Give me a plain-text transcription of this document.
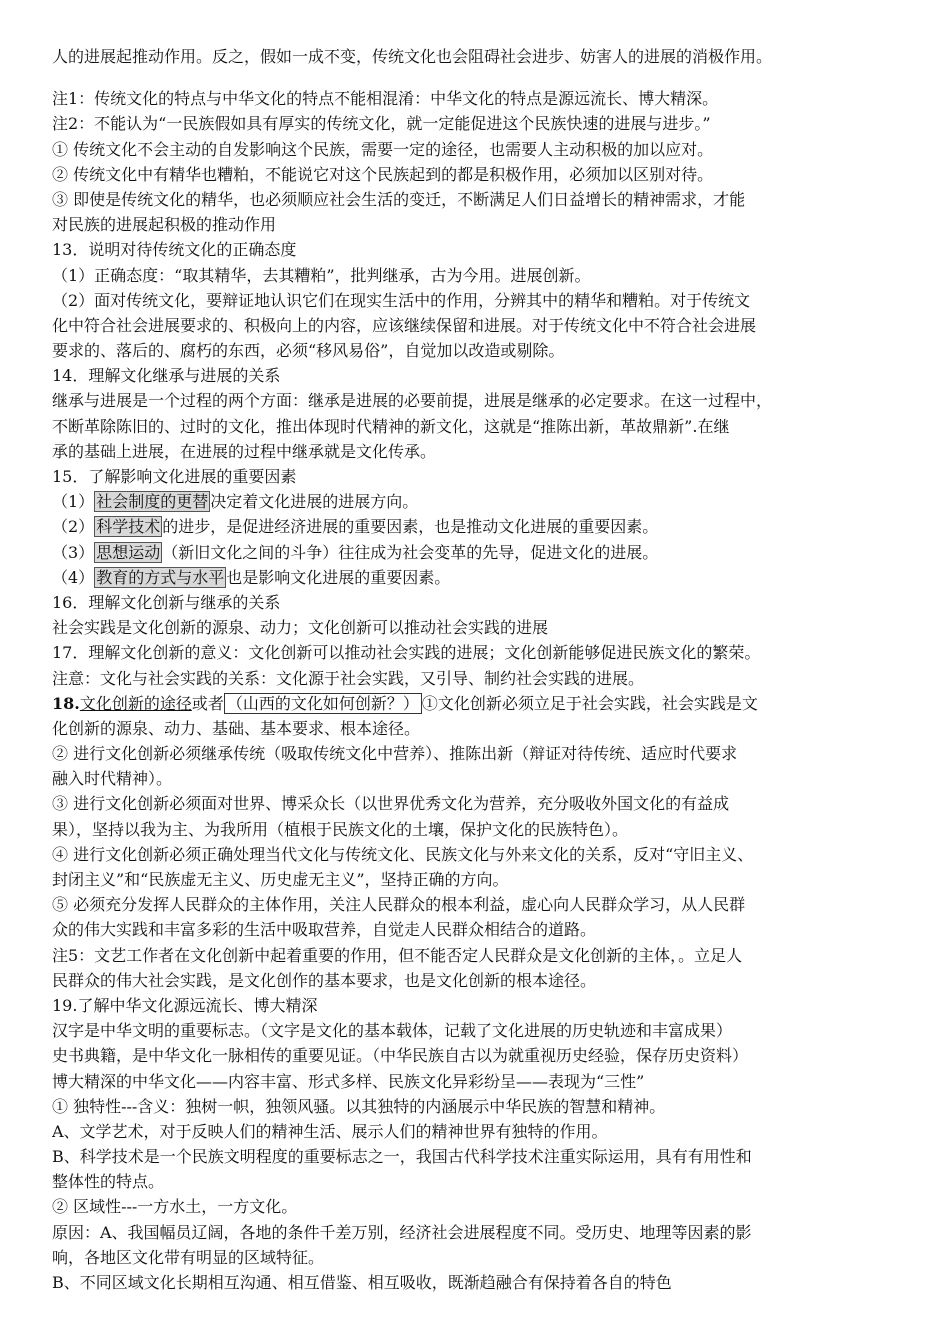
人的进展起推动作用。反之，假如一成不变，传统文化也会阻碍社会进步、妨害人的进展的消极作用。
注1：传统文化的特点与中华文化的特点不能相混淆：中华文化的特点是源远流长、博大精深。
注2：不能认为“一民族假如具有厚实的传统文化，就一定能促进这个民族快速的进展与进步。”
① 传统文化不会主动的自发影响这个民族，需要一定的途径，也需要人主动积极的加以应对。
② 传统文化中有精华也糟粕，不能说它对这个民族起到的都是积极作用，必须加以区别对待。
③ 即使是传统文化的精华，也必须顺应社会生活的变迁，不断满足人们日益增长的精神需求，才能
对民族的进展起积极的推动作用
13．说明对待传统文化的正确态度
（1）正确态度：“取其精华，去其糟粕”，批判继承，古为今用。进展创新。
（2）面对传统文化，要辩证地认识它们在现实生活中的作用，分辨其中的精华和糟粕。对于传统文
化中符合社会进展要求的、积极向上的内容，应该继续保留和进展。对于传统文化中不符合社会进展
要求的、落后的、腐朽的东西，必须“移风易俗”，自觉加以改造或剔除。
14．理解文化继承与进展的关系
继承与进展是一个过程的两个方面：继承是进展的必要前提，进展是继承的必定要求。在这一过程中，
不断革除陈旧的、过时的文化，推出体现时代精神的新文化，这就是“推陈出新，革故鼎新”.在继
承的基础上进展，在进展的过程中继承就是文化传承。
15．了解影响文化进展的重要因素
（1） 社会制度的更替 决定着文化进展的进展方向。
（2） 科学技术 的进步，是促进经济进展的重要因素，也是推动文化进展的重要因素。
（3） 思想运动 （新旧文化之间的斗争）往往成为社会变革的先导，促进文化的进展。
（4） 教育的方式与水平 也是影响文化进展的重要因素。
16．理解文化创新与继承的关系
社会实践是文化创新的源泉、动力；文化创新可以推动社会实践的进展
17．理解文化创新的意义：文化创新可以推动社会实践的进展；文化创新能够促进民族文化的繁荣。
注意：文化与社会实践的关系：文化源于社会实践，又引导、制约社会实践的进展。
18.文化创新的途径或者 （山西的文化如何创新？） ①文化创新必须立足于社会实践，社会实践是文
化创新的源泉、动力、基础、基本要求、根本途径。
② 进行文化创新必须继承传统（吸取传统文化中营养）、推陈出新（辩证对待传统、适应时代要求
融入时代精神）。
③ 进行文化创新必须面对世界、博采众长（以世界优秀文化为营养，充分吸收外国文化的有益成
果），坚持以我为主、为我所用（植根于民族文化的土壤，保护文化的民族特色）。
④ 进行文化创新必须正确处理当代文化与传统文化、民族文化与外来文化的关系，反对“守旧主义、
封闭主义”和“民族虚无主义、历史虚无主义”，坚持正确的方向。
⑤ 必须充分发挥人民群众的主体作用，关注人民群众的根本利益，虚心向人民群众学习，从人民群
众的伟大实践和丰富多彩的生活中吸取营养，自觉走人民群众相结合的道路。
注5：文艺工作者在文化创新中起着重要的作用，但不能否定人民群众是文化创新的主体，。立足人
民群众的伟大社会实践，是文化创作的基本要求，也是文化创新的根本途径。
19.了解中华文化源远流长、博大精深
汉字是中华文明的重要标志。（文字是文化的基本载体，记载了文化进展的历史轨迹和丰富成果）
史书典籍，是中华文化一脉相传的重要见证。（中华民族自古以为就重视历史经验，保存历史资料）
博大精深的中华文化——内容丰富、形式多样、民族文化异彩纷呈——表现为“三性”
① 独特性---含义：独树一帜，独领风骚。以其独特的内涵展示中华民族的智慧和精神。
A、文学艺术，对于反映人们的精神生活、展示人们的精神世界有独特的作用。
B、科学技术是一个民族文明程度的重要标志之一，我国古代科学技术注重实际运用，具有有用性和
整体性的特点。
② 区域性---一方水土，一方文化。
原因：A、我国幅员辽阔，各地的条件千差万别，经济社会进展程度不同。受历史、地理等因素的影
响，各地区文化带有明显的区域特征。
B、不同区域文化长期相互沟通、相互借鉴、相互吸收，既渐趋融合有保持着各自的特色
